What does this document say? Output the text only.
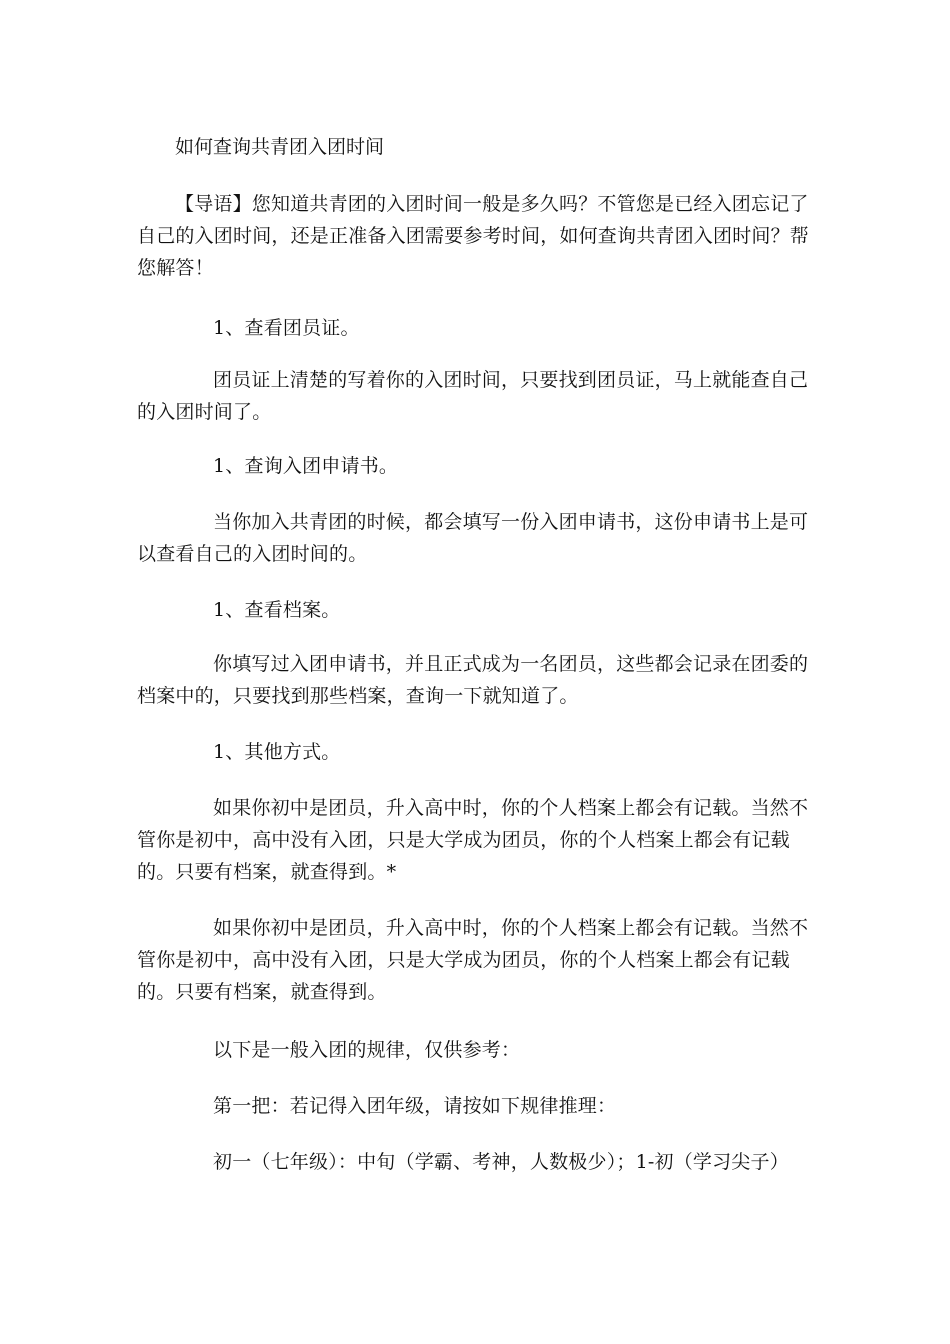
如何查询共青团入团时间

【导语】您知道共青团的入团时间一般是多久吗？不管您是已经入团忘记了自己的入团时间，还是正准备入团需要参考时间，如何查询共青团入团时间？帮您解答！

1、查看团员证。

团员证上清楚的写着你的入团时间，只要找到团员证，马上就能查自己的入团时间了。

1、查询入团申请书。

当你加入共青团的时候，都会填写一份入团申请书，这份申请书上是可以查看自己的入团时间的。

1、查看档案。

你填写过入团申请书，并且正式成为一名团员，这些都会记录在团委的档案中的，只要找到那些档案，查询一下就知道了。

1、其他方式。

如果你初中是团员，升入高中时，你的个人档案上都会有记载。当然不管你是初中，高中没有入团，只是大学成为团员，你的个人档案上都会有记载的。只要有档案，就查得到。*

如果你初中是团员，升入高中时，你的个人档案上都会有记载。当然不管你是初中，高中没有入团，只是大学成为团员，你的个人档案上都会有记载的。只要有档案，就查得到。

以下是一般入团的规律，仅供参考：

第一把：若记得入团年级，请按如下规律推理：

初一（七年级）：中旬（学霸、考神，人数极少）；1-初（学习尖子）
